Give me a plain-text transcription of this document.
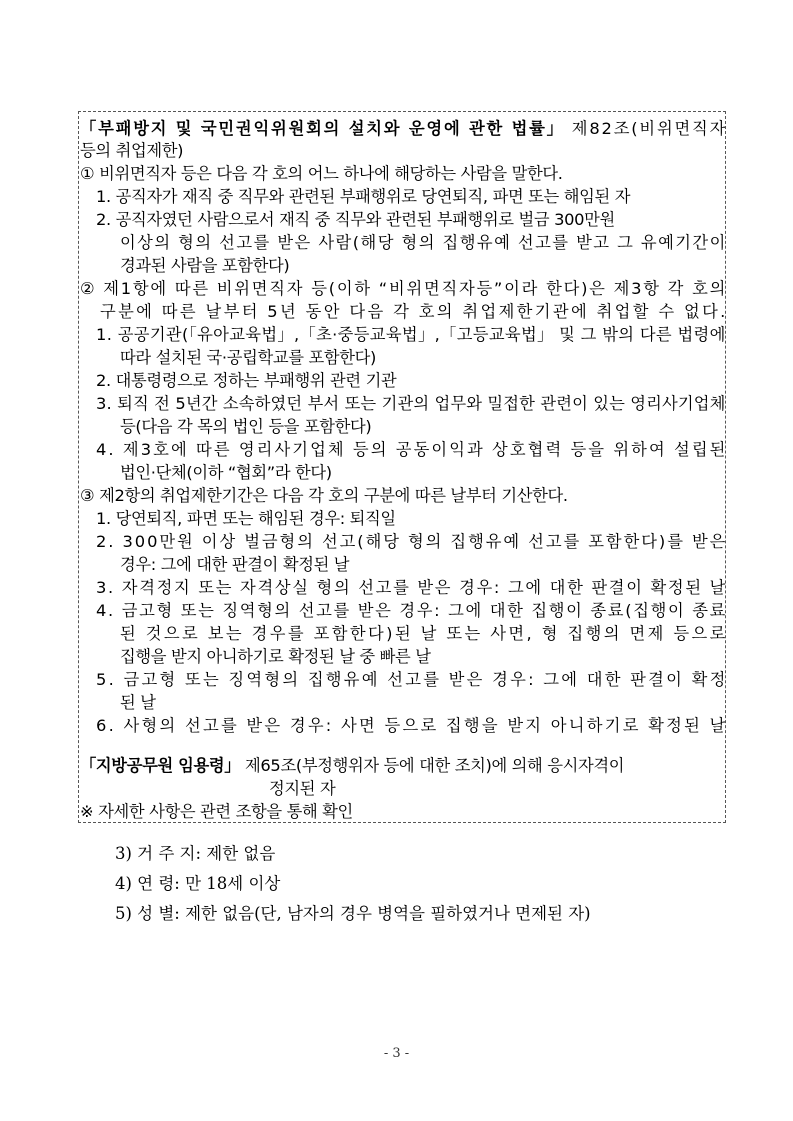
「부패방지 및 국민권익위원회의 설치와 운영에 관한 법률」 제82조(비위면직자
등의 취업제한)
① 비위면직자 등은 다음 각 호의 어느 하나에 해당하는 사람을 말한다.
1. 공직자가 재직 중 직무와 관련된 부패행위로 당연퇴직, 파면 또는 해임된 자
2. 공직자였던 사람으로서 재직 중 직무와 관련된 부패행위로 벌금 300만원
이상의 형의 선고를 받은 사람(해당 형의 집행유예 선고를 받고 그 유예기간이
경과된 사람을 포함한다)
② 제1항에 따른 비위면직자 등(이하 “비위면직자등”이라 한다)은 제3항 각 호의
구분에 따른 날부터 5년 동안 다음 각 호의 취업제한기관에 취업할 수 없다.
1. 공공기관(「유아교육법」,「초·중등교육법」,「고등교육법」 및 그 밖의 다른 법령에
따라 설치된 국·공립학교를 포함한다)
2. 대통령령으로 정하는 부패행위 관련 기관
3. 퇴직 전 5년간 소속하였던 부서 또는 기관의 업무와 밀접한 관련이 있는 영리사기업체
등(다음 각 목의 법인 등을 포함한다)
4. 제3호에 따른 영리사기업체 등의 공동이익과 상호협력 등을 위하여 설립된
법인·단체(이하 “협회”라 한다)
③ 제2항의 취업제한기간은 다음 각 호의 구분에 따른 날부터 기산한다.
1. 당연퇴직, 파면 또는 해임된 경우: 퇴직일
2. 300만원 이상 벌금형의 선고(해당 형의 집행유예 선고를 포함한다)를 받은
경우: 그에 대한 판결이 확정된 날
3. 자격정지 또는 자격상실 형의 선고를 받은 경우: 그에 대한 판결이 확정된 날
4. 금고형 또는 징역형의 선고를 받은 경우: 그에 대한 집행이 종료(집행이 종료
된 것으로 보는 경우를 포함한다)된 날 또는 사면, 형 집행의 면제 등으로
집행을 받지 아니하기로 확정된 날 중 빠른 날
5. 금고형 또는 징역형의 집행유예 선고를 받은 경우: 그에 대한 판결이 확정
된 날
6. 사형의 선고를 받은 경우: 사면 등으로 집행을 받지 아니하기로 확정된 날
「지방공무원 임용령」 제65조(부정행위자 등에 대한 조치)에 의해 응시자격이
정지된 자
※ 자세한 사항은 관련 조항을 통해 확인
3) 거 주 지: 제한 없음
4) 연 령: 만 18세 이상
5) 성 별: 제한 없음(단, 남자의 경우 병역을 필하였거나 면제된 자)
- 3 -
